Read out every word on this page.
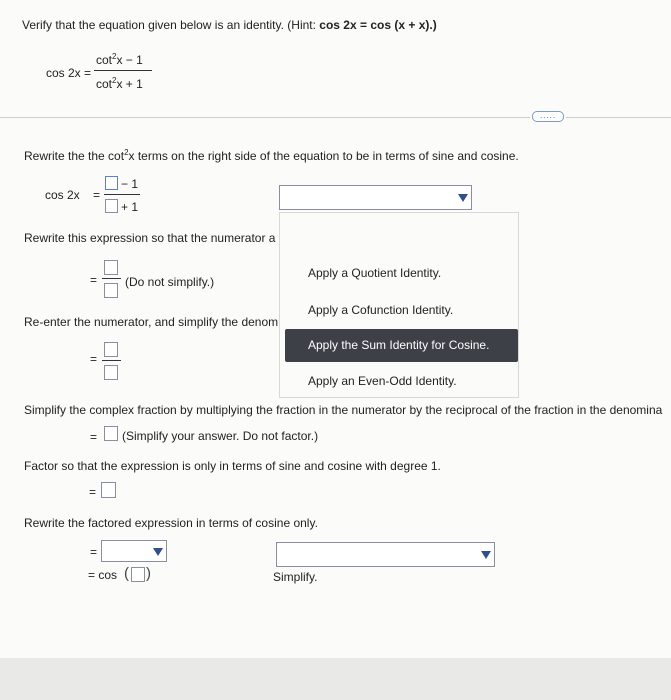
Verify that the equation given below is an identity. (Hint: cos 2x = cos (x + x).)
cos 2x =
$\cot^2x - 1$
$\cot^2x + 1$
.....
Rewrite the the $\cot^2x$ terms on the right side of the equation to be in terms of sine and cosine.
cos 2x =
− 1
+ 1
Rewrite this expression so that the numerator a
= (Do not simplify.)
Re-enter the numerator, and simplify the denom
=
Apply a Quotient Identity.
Apply a Cofunction Identity.
Apply the Sum Identity for Cosine.
Apply an Even-Odd Identity.
Simplify the complex fraction by multiplying the fraction in the numerator by the reciprocal of the fraction in the denomina
= (Simplify your answer. Do not factor.)
Factor so that the expression is only in terms of sine and cosine with degree 1.
=
Rewrite the factored expression in terms of cosine only.
=
= cos ( )	Simplify.
